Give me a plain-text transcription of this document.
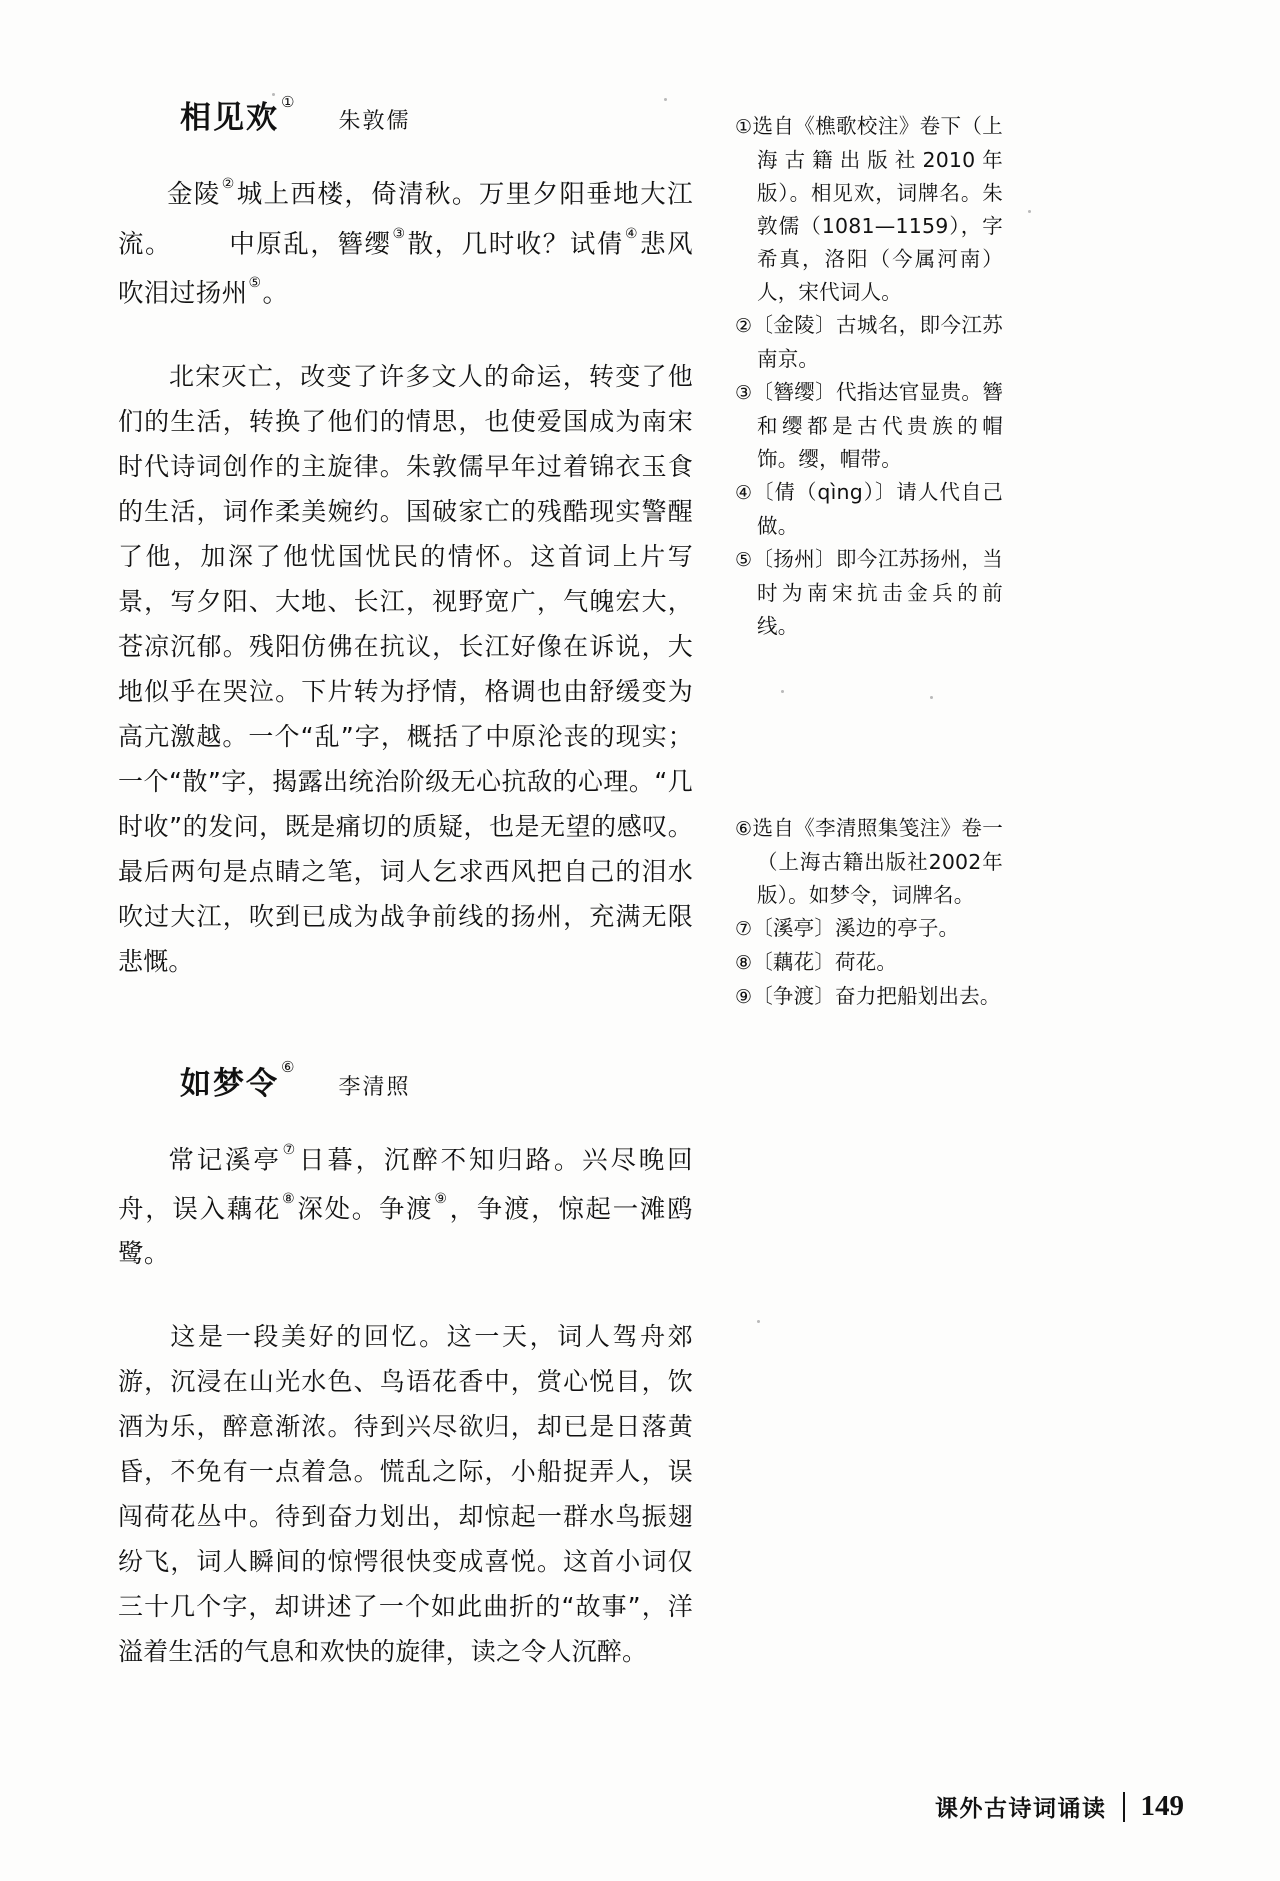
相见欢 ①
朱敦儒
金陵②城上西楼，倚清秋。万里夕阳垂地大江流。 中原乱，簪缨③散，几时收？试倩④悲风吹泪过扬州⑤。
北宋灭亡，改变了许多文人的命运，转变了他们的生活，转换了他们的情思，也使爱国成为南宋时代诗词创作的主旋律。朱敦儒早年过着锦衣玉食的生活，词作柔美婉约。国破家亡的残酷现实警醒了他，加深了他忧国忧民的情怀。这首词上片写景，写夕阳、大地、长江，视野宽广，气魄宏大，苍凉沉郁。残阳仿佛在抗议，长江好像在诉说，大地似乎在哭泣。下片转为抒情，格调也由舒缓变为高亢激越。一个“乱”字，概括了中原沦丧的现实；一个“散”字，揭露出统治阶级无心抗敌的心理。“几时收”的发问，既是痛切的质疑，也是无望的感叹。最后两句是点睛之笔，词人乞求西风把自己的泪水吹过大江，吹到已成为战争前线的扬州，充满无限悲慨。
如梦令 ⑥
李清照
常记溪亭⑦日暮，沉醉不知归路。兴尽晚回舟，误入藕花⑧深处。争渡⑨，争渡，惊起一滩鸥鹭。
这是一段美好的回忆。这一天，词人驾舟郊游，沉浸在山光水色、鸟语花香中，赏心悦目，饮酒为乐，醉意渐浓。待到兴尽欲归，却已是日落黄昏，不免有一点着急。慌乱之际，小船捉弄人，误闯荷花丛中。待到奋力划出，却惊起一群水鸟振翅纷飞，词人瞬间的惊愕很快变成喜悦。这首小词仅三十几个字，却讲述了一个如此曲折的“故事”，洋溢着生活的气息和欢快的旋律，读之令人沉醉。
①选自《樵歌校注》卷下（上海古籍出版社2010年版）。相见欢，词牌名。朱敦儒（1081—1159），字希真，洛阳（今属河南）人，宋代词人。
②〔金陵〕古城名，即今江苏南京。
③〔簪缨〕代指达官显贵。簪和缨都是古代贵族的帽饰。缨，帽带。
④〔倩（qìng）〕请人代自己做。
⑤〔扬州〕即今江苏扬州，当时为南宋抗击金兵的前线。
⑥选自《李清照集笺注》卷一（上海古籍出版社2002年版）。如梦令，词牌名。
⑦〔溪亭〕溪边的亭子。
⑧〔藕花〕荷花。
⑨〔争渡〕奋力把船划出去。
课外古诗词诵读 149
